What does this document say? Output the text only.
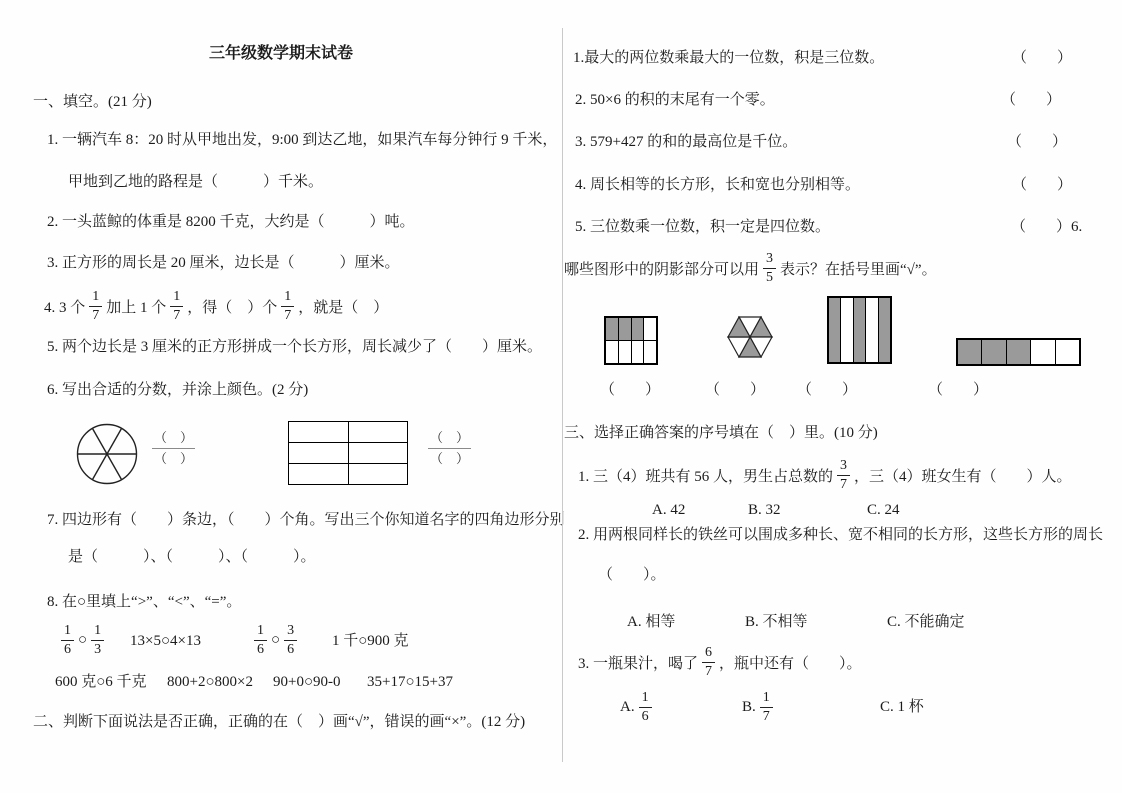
三年级数学期末试卷
一、填空。(21 分)
1. 一辆汽车 8：20 时从甲地出发，9:00 到达乙地，如果汽车每分钟行 9 千米，
甲地到乙地的路程是（　　　）千米。
2. 一头蓝鲸的体重是 8200 千克，大约是（　　　）吨。
3. 正方形的周长是 20 厘米，边长是（　　　）厘米。
4. 3 个 $\frac{1}{7}$ 加上 1 个 $\frac{1}{7}$ ，得（　）个 $\frac{1}{7}$ ，就是（　）
5. 两个边长是 3 厘米的正方形拼成一个长方形，周长减少了（　　）厘米。
6. 写出合适的分数，并涂上颜色。(2 分)
（　）
（　）
（　）
（　）
7. 四边形有（　　）条边，（　　）个角。写出三个你知道名字的四角边形分别
是（　　　）、（　　　）、（　　　）。
8. 在○里填上“>”、“<”、“=”。
$\frac{1}{6}$ ○ $\frac{1}{3}$ 13×5○4×13	$\frac{1}{6}$ ○ $\frac{3}{6} 1$ 千○900 克
600 克○6 千克 800+2○800×2 90+0○90-0 35+17○15+37
二、判断下面说法是否正确，正确的在（　）画“√”，错误的画“×”。(12 分)
1.最大的两位数乘最大的一位数，积是三位数。	（　　）
2. 50×6 的积的末尾有一个零。	（　　）
3. 579+427 的和的最高位是千位。	（　　）
4. 周长相等的长方形，长和宽也分别相等。	（　　）
5. 三位数乘一位数，积一定是四位数。	（　　）6.
哪些图形中的阴影部分可以用 $\frac{3}{5}$ 表示？在括号里画“√”。
（　　）	（　　） （　　）	（　　）
三、选择正确答案的序号填在（　）里。(10 分)
1. 三（4）班共有 56 人，男生占总数的 $\frac{3}{7}$ ，三（4）班女生有（　　）人。
A. 42	B. 32	C. 24
2. 用两根同样长的铁丝可以围成多种长、宽不相同的长方形，这些长方形的周长
（　　）。
A. 相等	B. 不相等	C. 不能确定
3. 一瓶果汁，喝了 $\frac{6}{7}$ ，瓶中还有（　　）。
A. $\frac{1}{6}$	B. $\frac{1}{7}$	C. 1 杯
